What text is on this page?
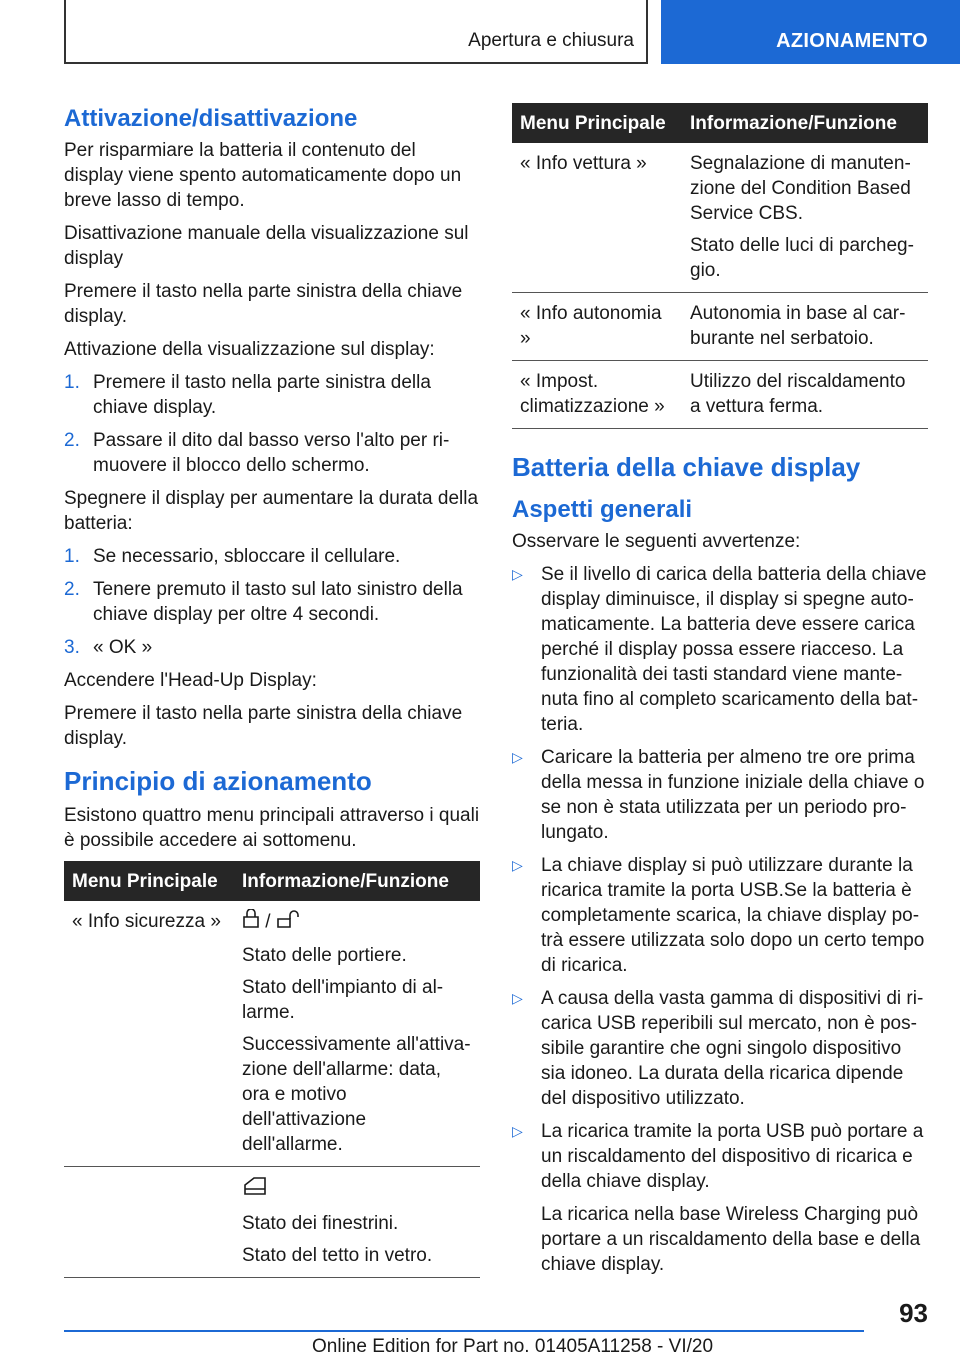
Apertura e chiusura	AZIONAMENTO
Attivazione/disattivazione

Per risparmiare la batteria il contenuto del display viene spento automaticamente dopo un breve lasso di tempo.

Disattivazione manuale della visualizzazione sul display

Premere il tasto nella parte sinistra della chiave display.

Attivazione della visualizzazione sul display:

1. Premere il tasto nella parte sinistra della chiave display.
2. Passare il dito dal basso verso l'alto per rimuovere il blocco dello schermo.

Spegnere il display per aumentare la durata della batteria:

1. Se necessario, sbloccare il cellulare.
2. Tenere premuto il tasto sul lato sinistro della chiave display per oltre 4 secondi.
3. « OK »

Accendere l'Head-Up Display:

Premere il tasto nella parte sinistra della chiave display.

Principio di azionamento

Esistono quattro menu principali attraverso i quali è possibile accedere ai sottomenu.

Menu Principale	Informazione/Funzione
« Info sicurezza »	/

Stato delle portiere.

Stato dell'impianto di allarme.

Successivamente all'attivazione dell'allarme: data, ora e motivo dell'attivazione dell'allarme.

	Stato dei finestrini.

Stato del tetto in vetro.

Menu Principale	Informazione/Funzione
« Info vettura »	Segnalazione di manutenzione del Condition Based Service CBS.

Stato delle luci di parcheggio.

« Info autonomia »	Autonomia in base al carburante nel serbatoio.

« Impost. climatizzazione »	Utilizzo del riscaldamento a vettura ferma.

Batteria della chiave display
Aspetti generali

Osservare le seguenti avvertenze:

▷ Se il livello di carica della batteria della chiave display diminuisce, il display si spegne automaticamente. La batteria deve essere carica perché il display possa essere riacceso. La funzionalità dei tasti standard viene mantenuta fino al completo scaricamento della batteria.
▷ Caricare la batteria per almeno tre ore prima della messa in funzione iniziale della chiave o se non è stata utilizzata per un periodo prolungato.
▷ La chiave display si può utilizzare durante la ricarica tramite la porta USB.Se la batteria è completamente scarica, la chiave display potrà essere utilizzata solo dopo un certo tempo di ricarica.
▷ A causa della vasta gamma di dispositivi di ricarica USB reperibili sul mercato, non è possibile garantire che ogni singolo dispositivo sia idoneo. La durata della ricarica dipende del dispositivo utilizzato.
▷ La ricarica tramite la porta USB può portare a un riscaldamento del dispositivo di ricarica e della chiave display.
La ricarica nella base Wireless Charging può portare a un riscaldamento della base e della chiave display.
93
Online Edition for Part no. 01405A11258 - VI/20
